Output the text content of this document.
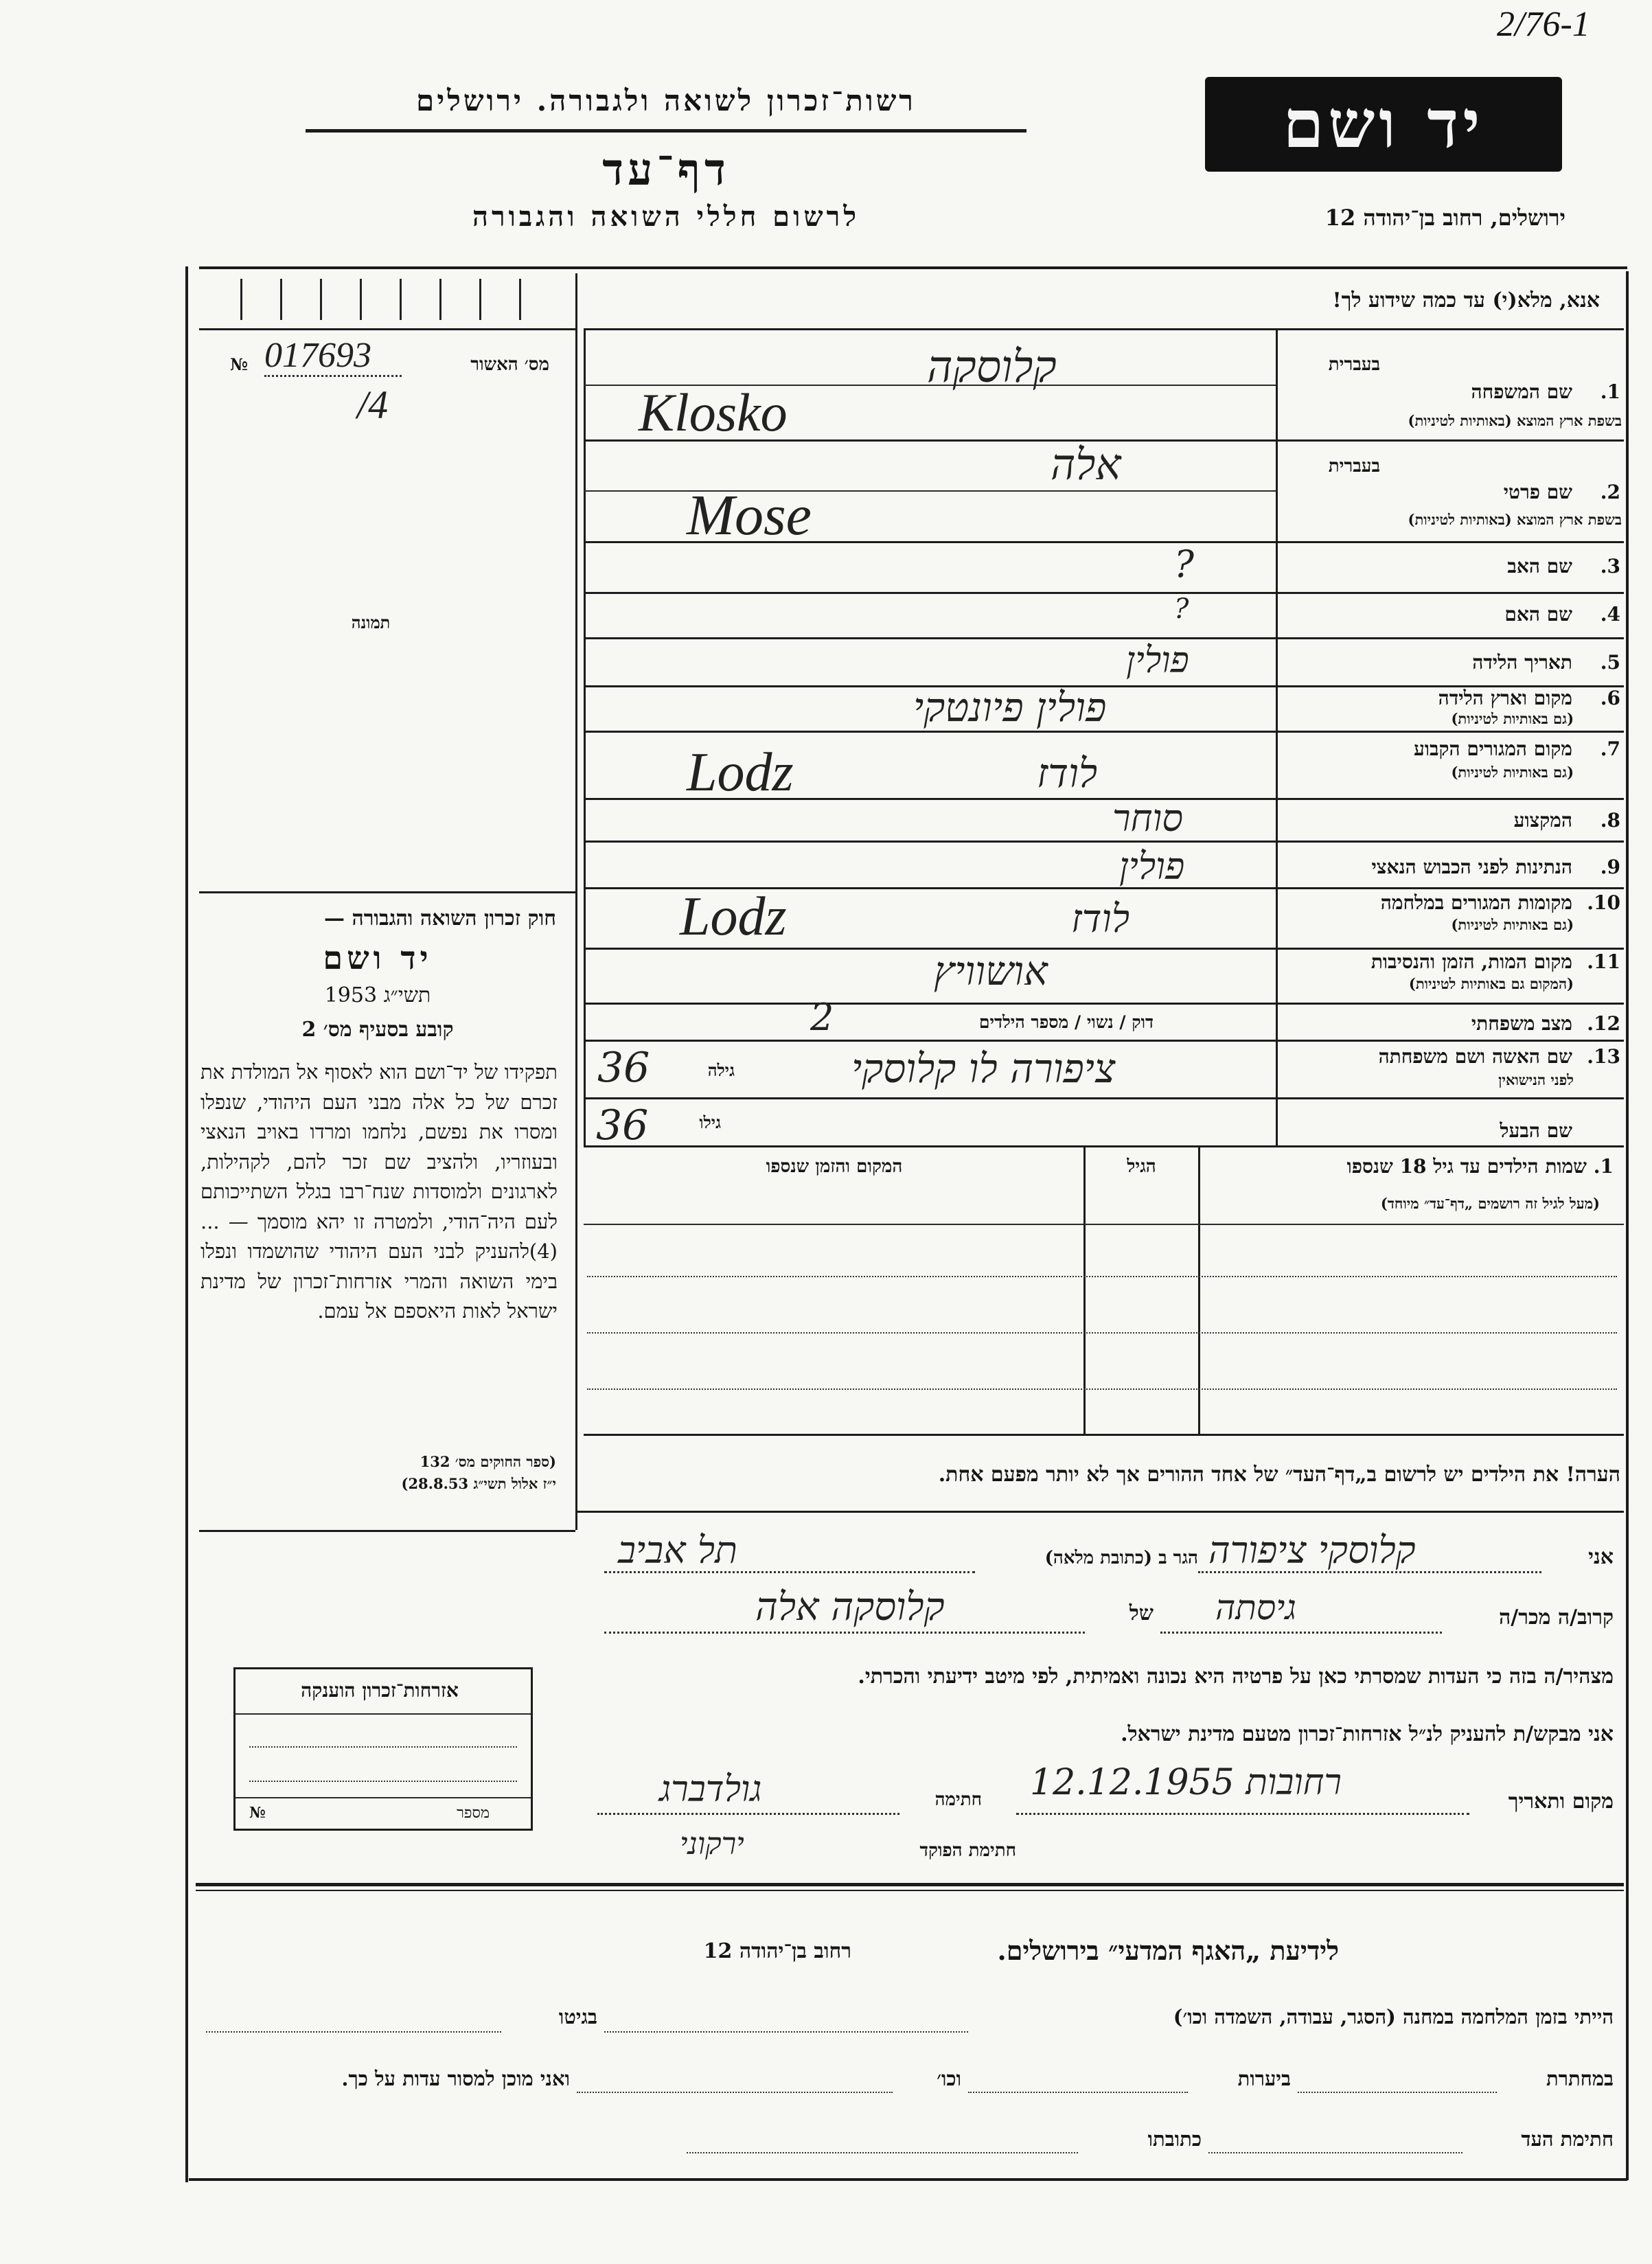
2/76-1
רשות־זכרון לשואה ולגבורה. ירושלים
דף־עד
לרשום חללי השואה והגבורה
יד ושם
ירושלים, רחוב בן־יהודה 12
מס׳ האשור
№ 017693
/4
תמונה
חוק זכרון השואה והגבורה —
יד ושם
תשי״ג 1953
קובע בסעיף מס׳ 2
תפקידו של יד־ושם הוא לאסוף אל המולדת את זכרם של כל אלה מבני העם היהודי, שנפלו ומסרו את נפשם, נלחמו ומרדו באויב הנאצי ובעוזריו, ולהציב שם זכר להם, לקהילות, לארגונים ולמוסדות שנח־רבו בגלל השתייכותם לעם היה־הודי, ולמטרה זו יהא מוסמך — ...(4)להעניק לבני העם היהודי שהושמדו ונפלו בימי השואה והמרי אזרחות־זכרון של מדינת ישראל לאות היאספם אל עמם.
(ספר החוקים מס׳ 132
י״ז אלול תשי״ג 28.8.53)
אזרחות־זכרון הוענקה
מספר
№
אנא, מלא(י) עד כמה שידוע לך!
בעברית
1.
שם המשפחה
בשפת ארץ המוצא (באותיות לטיניות)
קלוסקה
Klosko
בעברית
2.
שם פרטי
בשפת ארץ המוצא (באותיות לטיניות)
אלה
Mose
3.
שם האב
?
4.
שם האם
?
5.
תאריך הלידה
פולין
6.
מקום וארץ הלידה
(גם באותיות לטיניות)
פולין פיונטקי
7.
מקום המגורים הקבוע
(גם באותיות לטיניות)
לודז
Lodz
8.
המקצוע
סוחר
9.
הנתינות לפני הכבוש הנאצי
פולין
10.
מקומות המגורים במלחמה
(גם באותיות לטיניות)
לודז
Lodz
11.
מקום המות, הזמן והנסיבות
(המקום גם באותיות לטיניות)
אושוויץ
12.
מצב משפחתי
דוק / נשוי / מספר הילדים
2
13.
שם האשה ושם משפחתה
לפני הנישואין
גילה
36	ציפורה לו קלוסקי
שם הבעל
גילו
36
1. שמות הילדים עד גיל 18 שנספו
(מעל לגיל זה רושמים „דף־עד״ מיוחד)
הגיל
המקום והזמן שנספו
הערה! את הילדים יש לרשום ב„דף־העד״ של אחד ההורים אך לא יותר מפעם אחת.
אני
קלוסקי ציפורה
הגר ב (כתובת מלאה)
תל אביב
קרוב/ה מכר/ה
גיסתה
של
קלוסקה אלה
מצהיר/ה בזה כי העדות שמסרתי כאן על פרטיה היא נכונה ואמיתית, לפי מיטב ידיעתי והכרתי.
אני מבקש/ת להעניק לנ״ל אזרחות־זכרון מטעם מדינת ישראל.
מקום ותאריך
רחובות 12.12.1955
חתימה
גולדברג
חתימת הפוקד
ירקוני
לידיעת „האגף המדעי״ בירושלים.
רחוב בן־יהודה 12
הייתי בזמן המלחמה במחנה (הסגר, עבודה, השמדה וכו׳)
בגיטו
במחתרת
ביערות
וכו׳
ואני מוכן למסור עדות על כך.
חתימת העד
כתובתו
